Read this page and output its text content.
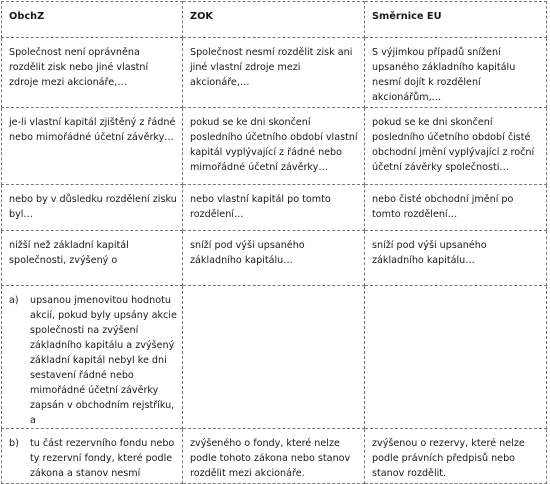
ObchZ	ZOK	Směrnice EU

Společnost není oprávněna rozdělit zisk nebo jiné vlastní zdroje mezi akcionáře,…	Společnost nesmí rozdělit zisk ani jiné vlastní zdroje mezi akcionáře,…	S výjimkou případů snížení upsaného základního kapitálu nesmí dojít k rozdělení akcionářům,…

je-li vlastní kapitál zjištěný z řádné nebo mimořádné účetní závěrky…	pokud se ke dni skončení posledního účetního období vlastní kapitál vyplývající z řádné nebo mimořádné účetní závěrky…	pokud se ke dni skončení posledního účetního období čisté obchodní jmění vyplývající z roční účetní závěrky společnosti…

nebo by v důsledku rozdělení zisku byl…	nebo vlastní kapitál po tomto rozdělení…	nebo čisté obchodní jmění po tomto rozdělení…

nižší než základní kapitál společnosti, zvýšený o	sníží pod výši upsaného základního kapitálu…	sníží pod výši upsaného základního kapitálu…

a) upsanou jmenovitou hodnotu akcií, pokud byly upsány akcie společnosti na zvýšení základního kapitálu a zvýšený základní kapitál nebyl ke dni sestavení řádné nebo mimořádné účetní závěrky zapsán v obchodním rejstříku, a		

b) tu část rezervního fondu nebo ty rezervní fondy, které podle zákona a stanov nesmí	zvýšeného o fondy, které nelze podle tohoto zákona nebo stanov rozdělit mezi akcionáře.	zvýšenou o rezervy, které nelze podle právních předpisů nebo stanov rozdělit.
